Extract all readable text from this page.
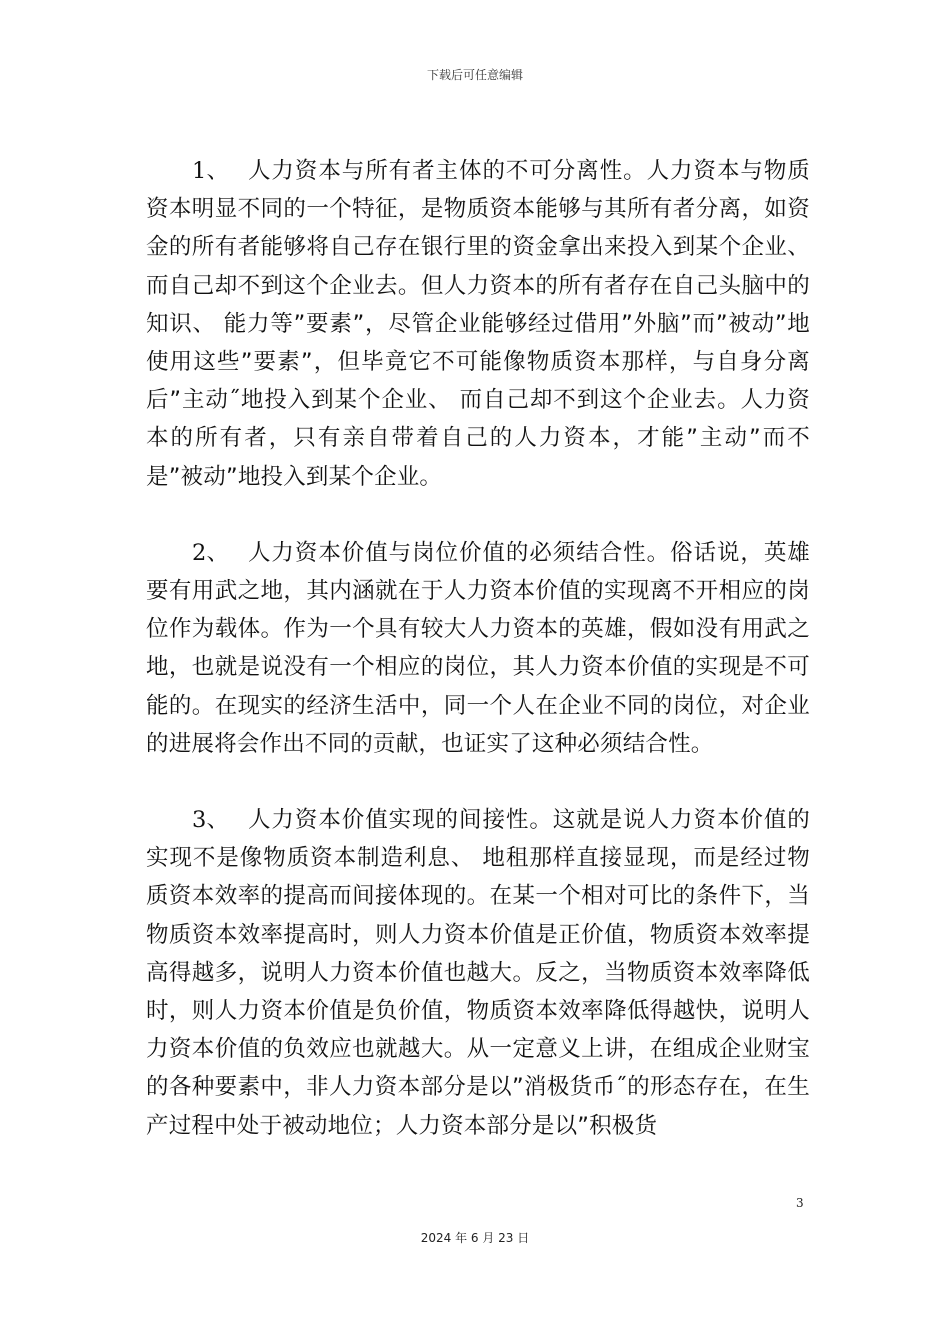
下载后可任意编辑

1、 人力资本与所有者主体的不可分离性。人力资本与物质资本明显不同的一个特征，是物质资本能够与其所有者分离，如资金的所有者能够将自己存在银行里的资金拿出来投入到某个企业、 而自己却不到这个企业去。但人力资本的所有者存在自己头脑中的知识、 能力等”要素”，尽管企业能够经过借用”外脑”而”被动”地使用这些”要素”，但毕竟它不可能像物质资本那样，与自身分离后”主动˝地投入到某个企业、 而自己却不到这个企业去。人力资本的所有者，只有亲自带着自己的人力资本，才能”主动”而不是”被动”地投入到某个企业。

2、 人力资本价值与岗位价值的必须结合性。俗话说，英雄要有用武之地，其内涵就在于人力资本价值的实现离不开相应的岗位作为载体。作为一个具有较大人力资本的英雄，假如没有用武之地，也就是说没有一个相应的岗位，其人力资本价值的实现是不可能的。在现实的经济生活中，同一个人在企业不同的岗位，对企业的进展将会作出不同的贡献，也证实了这种必须结合性。

3、 人力资本价值实现的间接性。这就是说人力资本价值的实现不是像物质资本制造利息、 地租那样直接显现，而是经过物质资本效率的提高而间接体现的。在某一个相对可比的条件下，当物质资本效率提高时，则人力资本价值是正价值，物质资本效率提高得越多，说明人力资本价值也越大。反之，当物质资本效率降低时，则人力资本价值是负价值，物质资本效率降低得越快，说明人力资本价值的负效应也就越大。从一定意义上讲，在组成企业财宝的各种要素中，非人力资本部分是以”消极货币˝的形态存在，在生产过程中处于被动地位；人力资本部分是以”积极货

3
2024 年 6 月 23 日
